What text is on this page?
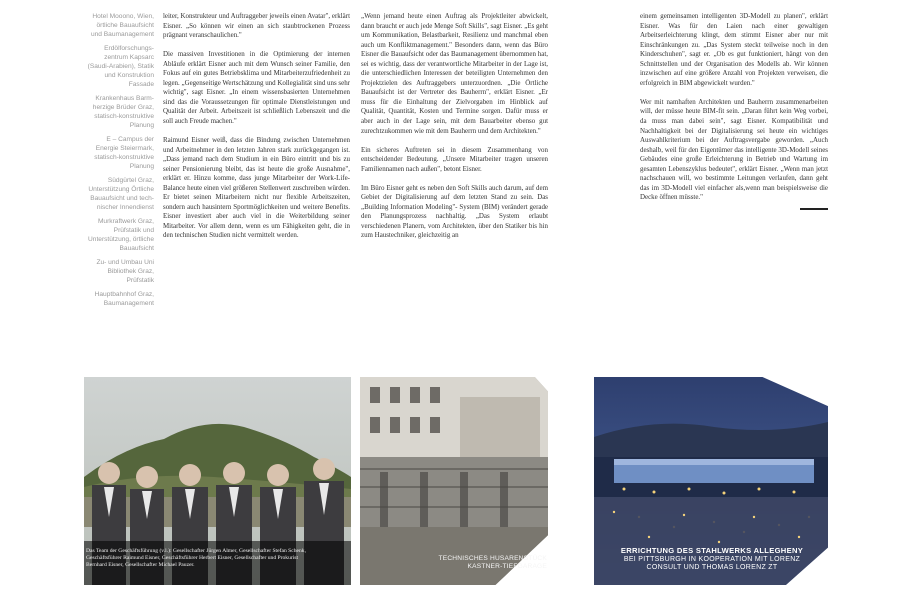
Hotel Mooono, Wien, örtliche Bauaufsicht und Baumanagement
Erdölforschungs-zentrum Kapsarc (Saudi-Arabien), Statik und Konstruktion Fassade
Krankenhaus Barm-herzige Brüder Graz, statisch-konstruktive Planung
E – Campus der Energie Steiermark, statisch-konstruktive Planung
Südgürtel Graz, Unterstützung Örtliche Bauaufsicht und tech-nischer Innendienst
Murkraftwerk Graz, Prüfstatik und Unterstützung, örtliche Bauaufsicht
Zu- und Umbau Uni Bibliothek Graz, Prüfstatik
Hauptbahnhof Graz, Baumanagement

leiter, Konstrukteur und Auftraggeber jeweils einen Avatar", erklärt Eisner. „So können wir einen an sich staubtrockenen Prozess prägnant veranschaulichen."

Die massiven Investitionen in die Optimierung der internen Abläufe erklärt Eisner auch mit dem Wunsch seiner Familie, den Fokus auf ein gutes Betriebsklima und Mitarbeiterzufriedenheit zu legen. „Gegenseitige Wertschätzung und Kollegialität sind uns sehr wichtig", sagt Eisner. „In einem wissensbasierten Unternehmen sind das die Voraussetzungen für optimale Dienstleistungen und Qualität der Arbeit. Arbeitszeit ist schließlich Lebenszeit und die soll auch Freude machen."

Raimund Eisner weiß, dass die Bindung zwischen Unternehmen und Arbeitnehmer in den letzten Jahren stark zurückgegangen ist. „Dass jemand nach dem Studium in ein Büro eintritt und bis zu seiner Pensionierung bleibt, das ist heute die große Ausnahme", erklärt er. Hinzu komme, dass junge Mitarbeiter der Work-Life-Balance heute einen viel größeren Stellenwert zuschreiben würden. Er bietet seinen Mitarbeitern nicht nur flexible Arbeitszeiten, sondern auch hausintern Sportmöglichkeiten und weitere Benefits. Eisner investiert aber auch viel in die Weiterbildung seiner Mitarbeiter. Vor allem denn, wenn es um Fähigkeiten geht, die in den technischen Studien nicht vermittelt werden.

„Wenn jemand heute einen Auftrag als Projektleiter abwickelt, dann braucht er auch jede Menge Soft Skills", sagt Eisner. „Es geht um Kommunikation, Belastbarkeit, Resilienz und manchmal eben auch um Konfliktmanagement." Besonders dann, wenn das Büro Eisner die Bauaufsicht oder das Baumanagement übernommen hat, sei es wichtig, dass der verantwortliche Mitarbeiter in der Lage ist, die unterschiedlichen Interessen der beteiligten Unternehmen den Projektzielen des Auftraggebers unterzuordnen. „Die Örtliche Bauaufsicht ist der Vertreter des Bauherrn", erklärt Eisner. „Er muss für die Einhaltung der Zielvorgaben im Hinblick auf Qualität, Quantität, Kosten und Termine sorgen. Dafür muss er aber auch in der Lage sein, mit dem Bauarbeiter ebenso gut zurechtzukommen wie mit dem Bauherrn und dem Architekten."

Ein sicheres Auftreten sei in diesem Zusammenhang von entscheidender Bedeutung. „Unsere Mitarbeiter tragen unseren Familiennamen nach außen", betont Eisner.

Im Büro Eisner geht es neben den Soft Skills auch darum, auf dem Gebiet der Digitalisierung auf dem letzten Stand zu sein. Das „Building Information Modeling"- System (BIM) verändert gerade den Planungsprozess nachhaltig. „Das System erlaubt verschiedenen Planern, vom Architekten, über den Statiker bis hin zum Haustechniker, gleichzeitig an

einem gemeinsamen intelligenten 3D-Modell zu planen", erklärt Eisner. Was für den Laien nach einer gewaltigen Arbeitserleichterung klingt, dem stimmt Eisner aber nur mit Einschränkungen zu. „Das System steckt teilweise noch in den Kinderschuhen", sagt er. „Ob es gut funktioniert, hängt von den Schnittstellen und der Organisation des Modells ab. Wir können inzwischen auf eine größere Anzahl von Projekten verweisen, die erfolgreich in BIM abgewickelt wurden."

Wer mit namhaften Architekten und Bauherrn zusammenarbeiten will, der müsse heute BIM-fit sein. „Daran führt kein Weg vorbei, da muss man dabei sein", sagt Eisner. Kompatibilität und Nachhaltigkeit bei der Digitalisierung sei heute ein wichtiges Auswahlkriterium bei der Auftragsvergabe geworden. „Auch deshalb, weil für den Eigentümer das intelligente 3D-Modell seines Gebäudes eine große Erleichterung in Betrieb und Wartung im gesamten Lebenszyklus bedeutet", erklärt Eisner. „Wenn man jetzt nachschauen will, wo bestimmte Leitungen verlaufen, dann geht das im 3D-Modell viel einfacher als,wenn man beispielsweise die Decke öffnen müsste."

Das Team der Geschäftsführung (v.l.): Gesellschafter Jürgen Almer, Gesellschafter Stefan Schenk, Geschäftsführer Raimund Eisner, Geschäftsführer Herbert Eisner, Gesellschafter und Prokurist Bernhard Eisner, Gesellschafter Michael Pauzer.
TECHNISCHES HUSARENSTÜCK
KASTNER-TIEFGARAGE
ERRICHTUNG DES STAHLWERKS ALLEGHENY
BEI PITTSBURGH IN KOOPERATION MIT LORENZ
CONSULT UND THOMAS LORENZ ZT
